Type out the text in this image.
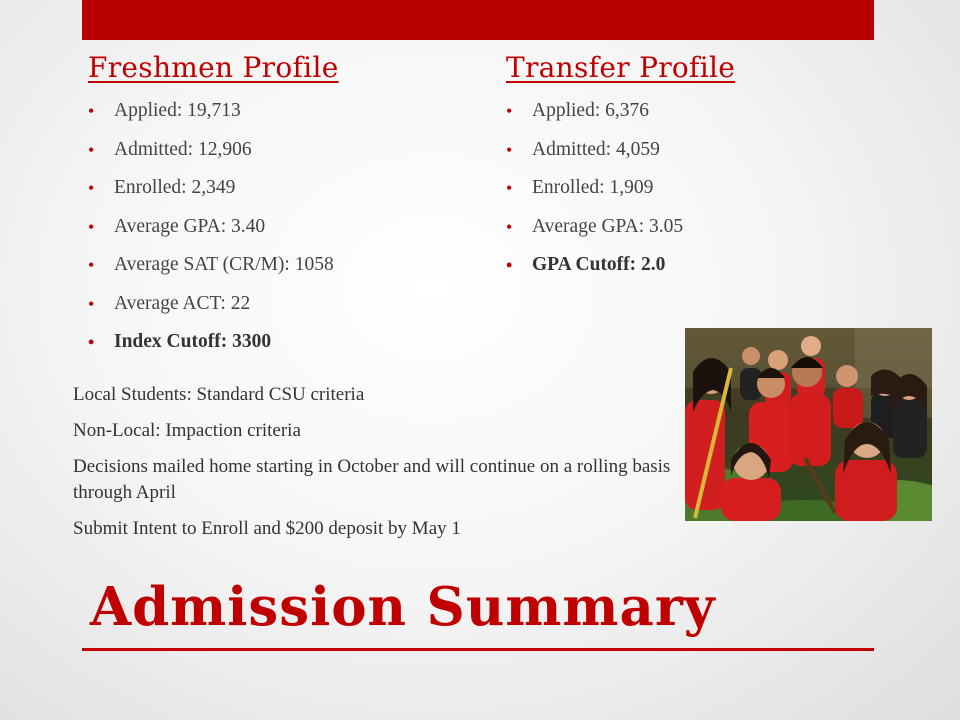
Freshmen Profile
• Applied: 19,713
• Admitted: 12,906
• Enrolled: 2,349
• Average GPA: 3.40
• Average SAT (CR/M): 1058
• Average ACT: 22
• Index Cutoff: 3300
Transfer Profile
• Applied: 6,376
• Admitted: 4,059
• Enrolled: 1,909
• Average GPA: 3.05
• GPA Cutoff: 2.0

Local Students: Standard CSU criteria

Non-Local: Impaction criteria

Decisions mailed home starting in October and will continue on a rolling basis through April

Submit Intent to Enroll and $200 deposit by May 1

Admission Summary
